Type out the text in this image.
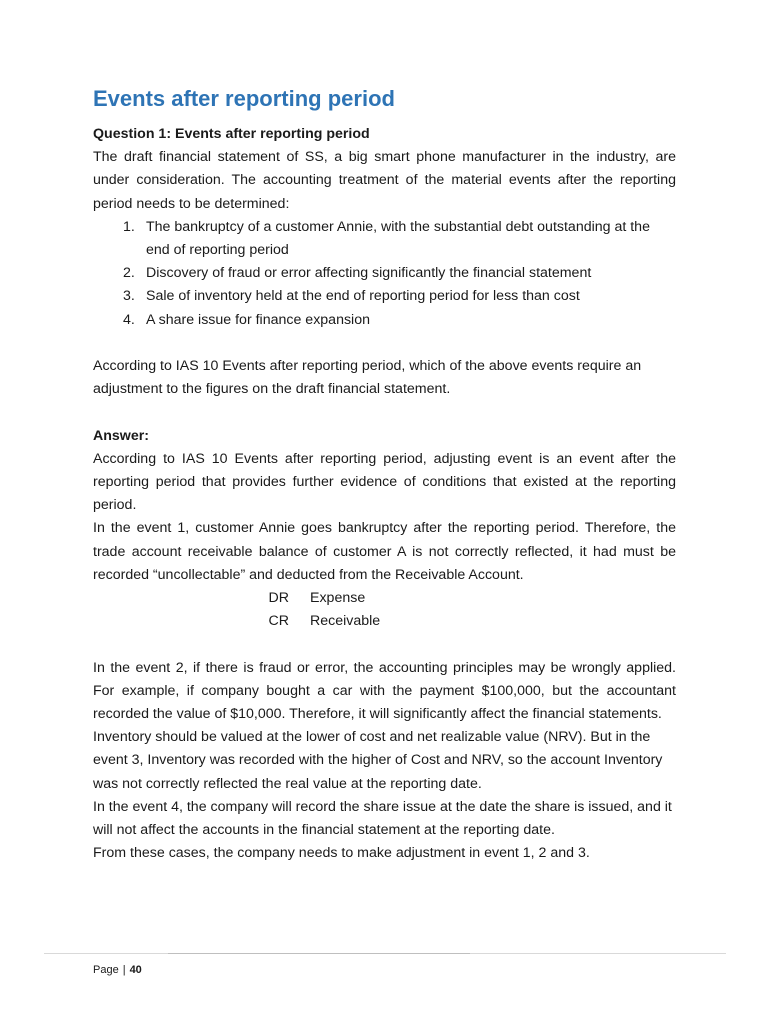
Events after reporting period

Question 1: Events after reporting period

The draft financial statement of SS, a big smart phone manufacturer in the industry, are under consideration. The accounting treatment of the material events after the reporting period needs to be determined:

1. The bankruptcy of a customer Annie, with the substantial debt outstanding at the end of reporting period
2. Discovery of fraud or error affecting significantly the financial statement
3. Sale of inventory held at the end of reporting period for less than cost
4. A share issue for finance expansion

According to IAS 10 Events after reporting period, which of the above events require an adjustment to the figures on the draft financial statement.

Answer:

According to IAS 10 Events after reporting period, adjusting event is an event after the reporting period that provides further evidence of conditions that existed at the reporting period.

In the event 1, customer Annie goes bankruptcy after the reporting period. Therefore, the trade account receivable balance of customer A is not correctly reflected, it had must be recorded “uncollectable” and deducted from the Receivable Account.

DR Expense
CR Receivable

In the event 2, if there is fraud or error, the accounting principles may be wrongly applied. For example, if company bought a car with the payment $100,000, but the accountant recorded the value of $10,000. Therefore, it will significantly affect the financial statements.

Inventory should be valued at the lower of cost and net realizable value (NRV). But in the event 3, Inventory was recorded with the higher of Cost and NRV, so the account Inventory was not correctly reflected the real value at the reporting date.

In the event 4, the company will record the share issue at the date the share is issued, and it will not affect the accounts in the financial statement at the reporting date.

From these cases, the company needs to make adjustment in event 1, 2 and 3.

Page | 40
